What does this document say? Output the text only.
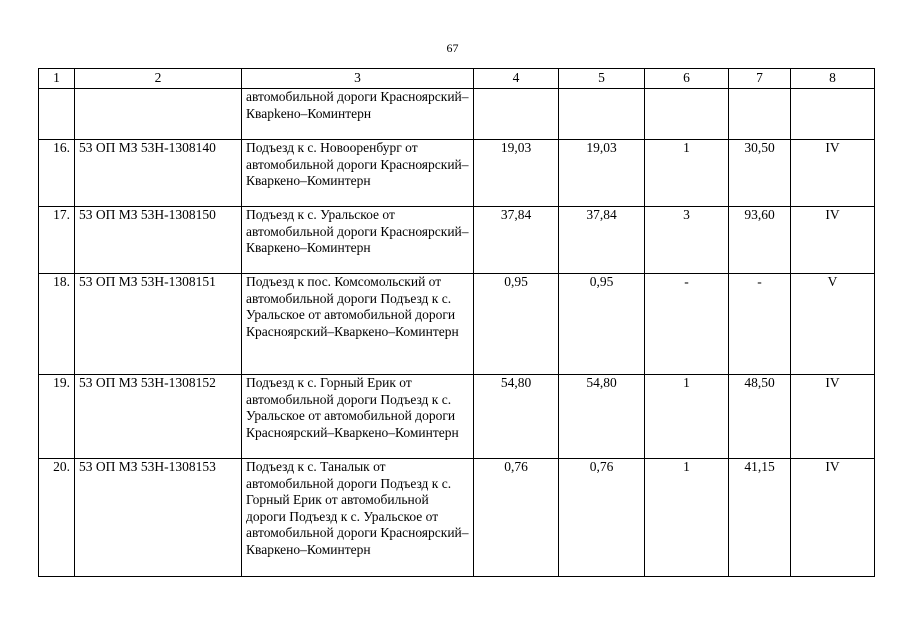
67
1	2	3	4	5	6	7	8
		автомобильной дороги Красноярский–Кварkено–Коминтерн					
16.	53 ОП МЗ 53Н-1308140	Подъезд к с. Новооренбург от автомобильной дороги Красноярский–Кваркено–Коминтерн	19,03	19,03	1	30,50	IV
17.	53 ОП МЗ 53Н-1308150	Подъезд к с. Уральское от автомобильной дороги Красноярский–Кваркено–Коминтерн	37,84	37,84	3	93,60	IV
18.	53 ОП МЗ 53Н-1308151	Подъезд к пос. Комсомольский от автомобильной дороги Подъезд к с. Уральское от автомобильной дороги Красноярский–Кваркено–Коминтерн	0,95	0,95	-	-	V
19.	53 ОП МЗ 53Н-1308152	Подъезд к с. Горный Ерик от автомобильной дороги Подъезд к с. Уральское от автомобильной дороги Красноярский–Кваркено–Коминтерн	54,80	54,80	1	48,50	IV
20.	53 ОП МЗ 53Н-1308153	Подъезд к с. Таналык от автомобильной дороги Подъезд к с. Горный Ерик от автомобильной дороги Подъезд к с. Уральское от автомобильной дороги Красноярский–Кваркено–Коминтерн	0,76	0,76	1	41,15	IV
